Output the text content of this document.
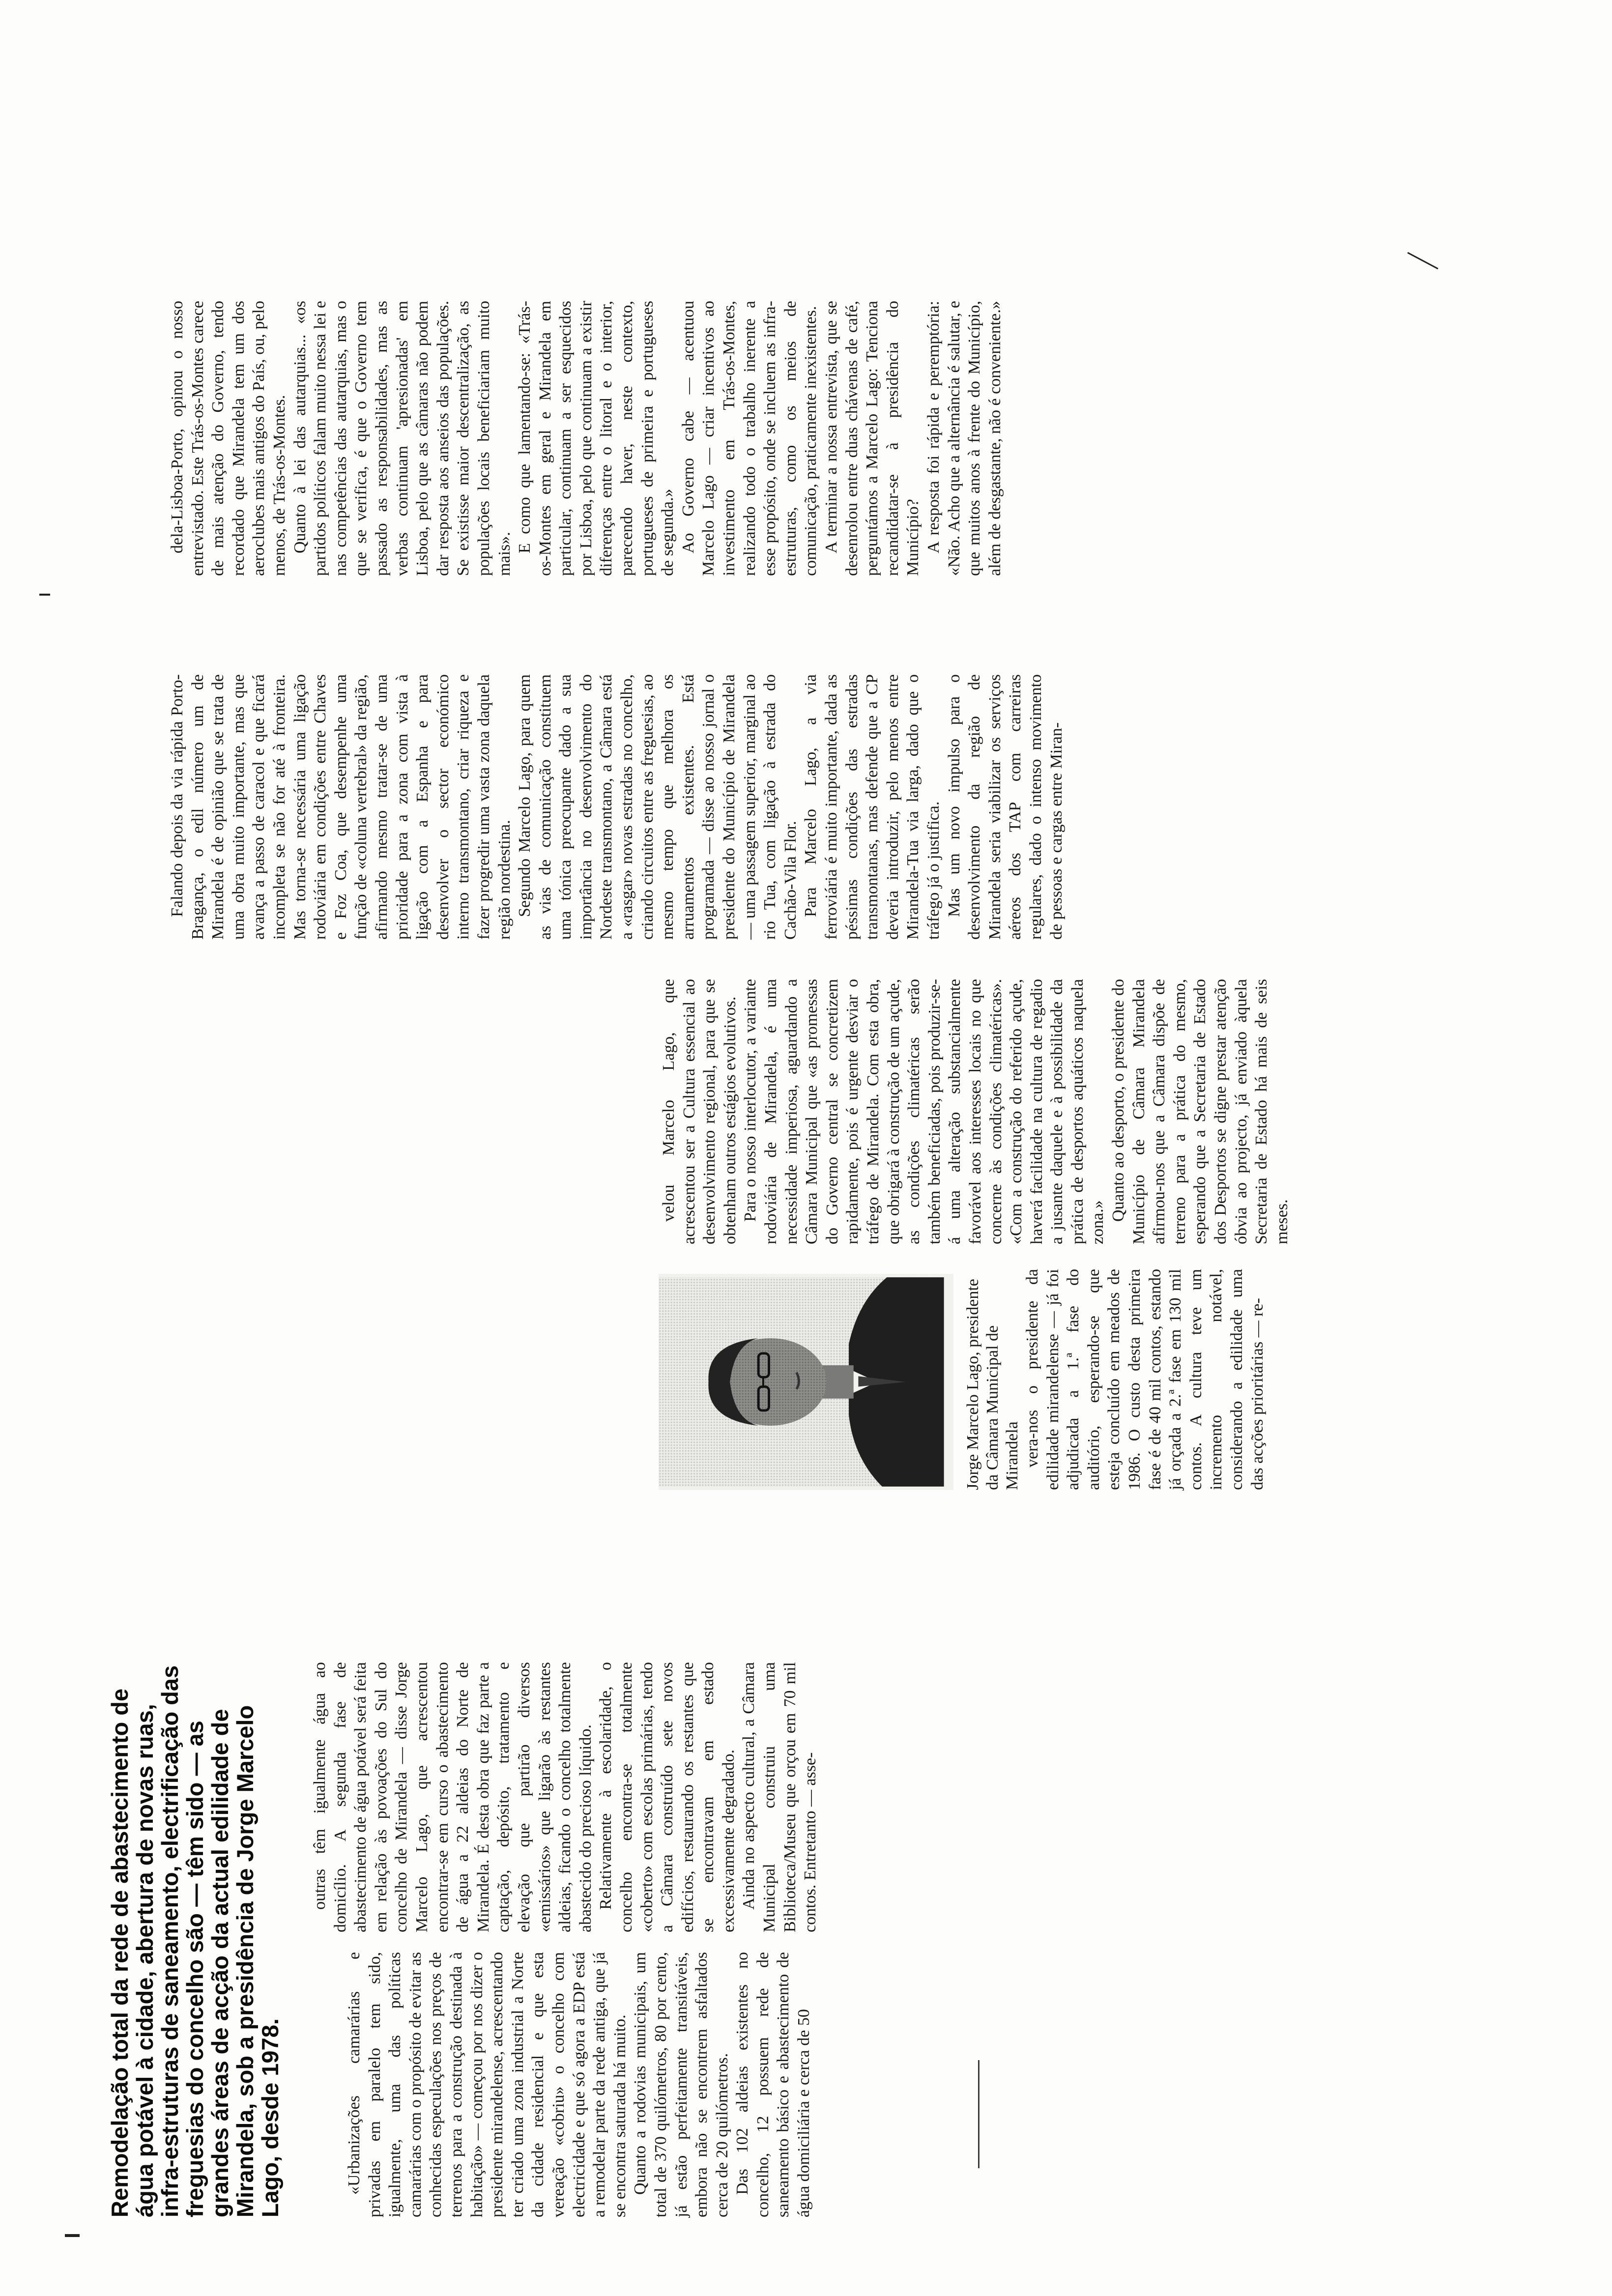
Remodelação total da rede de abastecimento de água potável à cidade, abertura de novas ruas, infra-estruturas de saneamento, electrificação das freguesias do concelho são — têm sido — as grandes áreas de acção da actual edilidade de Mirandela, sob a presidência de Jorge Marcelo Lago, desde 1978.	«Urbanizações camarárias e privadas em paralelo tem sido, igualmente, uma das políticas camarárias com o propósito de evitar as conhecidas especulações nos preços de terrenos para a construção destinada à habitação» — começou por nos dizer o presidente mirandelense, acrescentando ter criado uma zona industrial a Norte da cidade residencial e que esta vereação «cobriu» o concelho com electricidade e que só agora a EDP está a remodelar parte da rede antiga, que já se encontra saturada há muito. Quanto a rodovias municipais, um total de 370 quilómetros, 80 por cento, já estão perfeitamente transitáveis, embora não se encontrem asfaltados cerca de 20 quilómetros. Das 102 aldeias existentes no concelho, 12 possuem rede de saneamento básico e abastecimento de água domiciliária e cerca de 50

outras têm igualmente água ao domicílio. A segunda fase de abastecimento de água potável será feita em relação às povoações do Sul do concelho de Mirandela — disse Jorge Marcelo Lago, que acrescentou encontrar-se em curso o abastecimento de água a 22 aldeias do Norte de Mirandela. É desta obra que faz parte a captação, depósito, tratamento e elevação que partirão diversos «emissários» que ligarão às restantes aldeias, ficando o concelho totalmente abastecido do precioso líquido. Relativamente à escolaridade, o concelho encontra-se totalmente «coberto» com escolas primárias, tendo a Câmara construído sete novos edifícios, restaurando os restantes que se encontravam em estado excessivamente degradado. Ainda no aspecto cultural, a Câmara Municipal construiu uma Biblioteca/Museu que orçou em 70 mil contos. Entretanto — asse-

Jorge Marcelo Lago, presidente da Câmara Municipal de Mirandela vera-nos o presidente da edilidade mirandelense — já foi adjudicada a 1.ª fase do auditório, esperando-se que esteja concluído em meados de 1986. O custo desta primeira fase é de 40 mil contos, estando já orçada a 2.ª fase em 130 mil contos. A cultura teve um incremento notável, considerando a edilidade uma das acções prioritárias — re-

velou Marcelo Lago, que acrescentou ser a Cultura essencial ao desenvolvimento regional, para que se obtenham outros estágios evolutivos. Para o nosso interlocutor, a variante rodoviária de Mirandela, é uma necessidade imperiosa, aguardando a Câmara Municipal que «as promessas do Governo central se concretizem rapidamente, pois é urgente desviar o tráfego de Mirandela. Com esta obra, que obrigará à construção de um açude, as condições climatéricas serão também beneficiadas, pois produzir-se-á uma alteração substancialmente favorável aos interesses locais no que concerne às condições climatéricas». «Com a construção do referido açude, haverá facilidade na cultura de regadio a jusante daquele e à possibilidade da prática de desportos aquáticos naquela zona.»

Quanto ao desporto, o presidente do Município de Câmara Mirandela afirmou-nos que a Câmara dispõe de terreno para a prática do mesmo, esperando que a Secretaria de Estado dos Desportos se digne prestar atenção óbvia ao projecto, já enviado àquela Secretaria de Estado há mais de seis meses.

Falando depois da via rápida Porto-Bragança, o edil número um de Mirandela é de opinião que se trata de uma obra muito importante, mas que avança a passo de caracol e que ficará incompleta se não for até à fronteira. Mas torna-se necessária uma ligação rodoviária em condições entre Chaves e Foz Coa, que desempenhe uma função de «coluna vertebral» da região, afirmando mesmo tratar-se de uma prioridade para a zona com vista à ligação com a Espanha e para desenvolver o sector económico interno transmontano, criar riqueza e fazer progredir uma vasta zona daquela região nordestina. Segundo Marcelo Lago, para quem as vias de comunicação constituem uma tónica preocupante dado a sua importância no desenvolvimento do Nordeste transmontano, a Câmara está a «rasgar» novas estradas no concelho, criando circuitos entre as freguesias, ao mesmo tempo que melhora os arruamentos existentes. Está programada — disse ao nosso jornal o presidente do Município de Mirandela — uma passagem superior, marginal ao rio Tua, com ligação à estrada do Cachão-Vila Flor. Para Marcelo Lago, a via ferroviária é muito importante, dada as péssimas condições das estradas transmontanas, mas defende que a CP deveria introduzir, pelo menos entre Mirandela-Tua via larga, dado que o tráfego já o justifica. Mas um novo impulso para o desenvolvimento da região de Mirandela seria viabilizar os serviços aéreos dos TAP com carreiras regulares, dado o intenso movimento de pessoas e cargas entre Miran-

dela-Lisboa-Porto, opinou o nosso entrevistado. Este Trás-os-Montes carece de mais atenção do Governo, tendo recordado que Mirandela tem um dos aeroclubes mais antigos do País, ou, pelo menos, de Trás-os-Montes. Quanto à lei das autarquias... «os partidos políticos falam muito nessa lei e nas competências das autarquias, mas o que se verifica, é que o Governo tem passado as responsabilidades, mas as verbas continuam 'apresionadas' em Lisboa, pelo que as câmaras não podem dar resposta aos anseios das populações. Se existisse maior descentralização, as populações locais beneficiariam muito mais».

E como que lamentando-se: «Trás-os-Montes em geral e Mirandela em particular, continuam a ser esquecidos por Lisboa, pelo que continuam a existir diferenças entre o litoral e o interior, parecendo haver, neste contexto, portugueses de primeira e portugueses de segunda.» Ao Governo cabe — acentuou Marcelo Lago — criar incentivos ao investimento em Trás-os-Montes, realizando todo o trabalho inerente a esse propósito, onde se incluem as infra-estruturas, como os meios de comunicação, praticamente inexistentes. A terminar a nossa entrevista, que se desenrolou entre duas chávenas de café, perguntámos a Marcelo Lago: Tenciona recandidatar-se à presidência do Município? A resposta foi rápida e peremptória: «Não. Acho que a alternância é salutar, e que muitos anos à frente do Município, além de desgastante, não é conveniente.»
